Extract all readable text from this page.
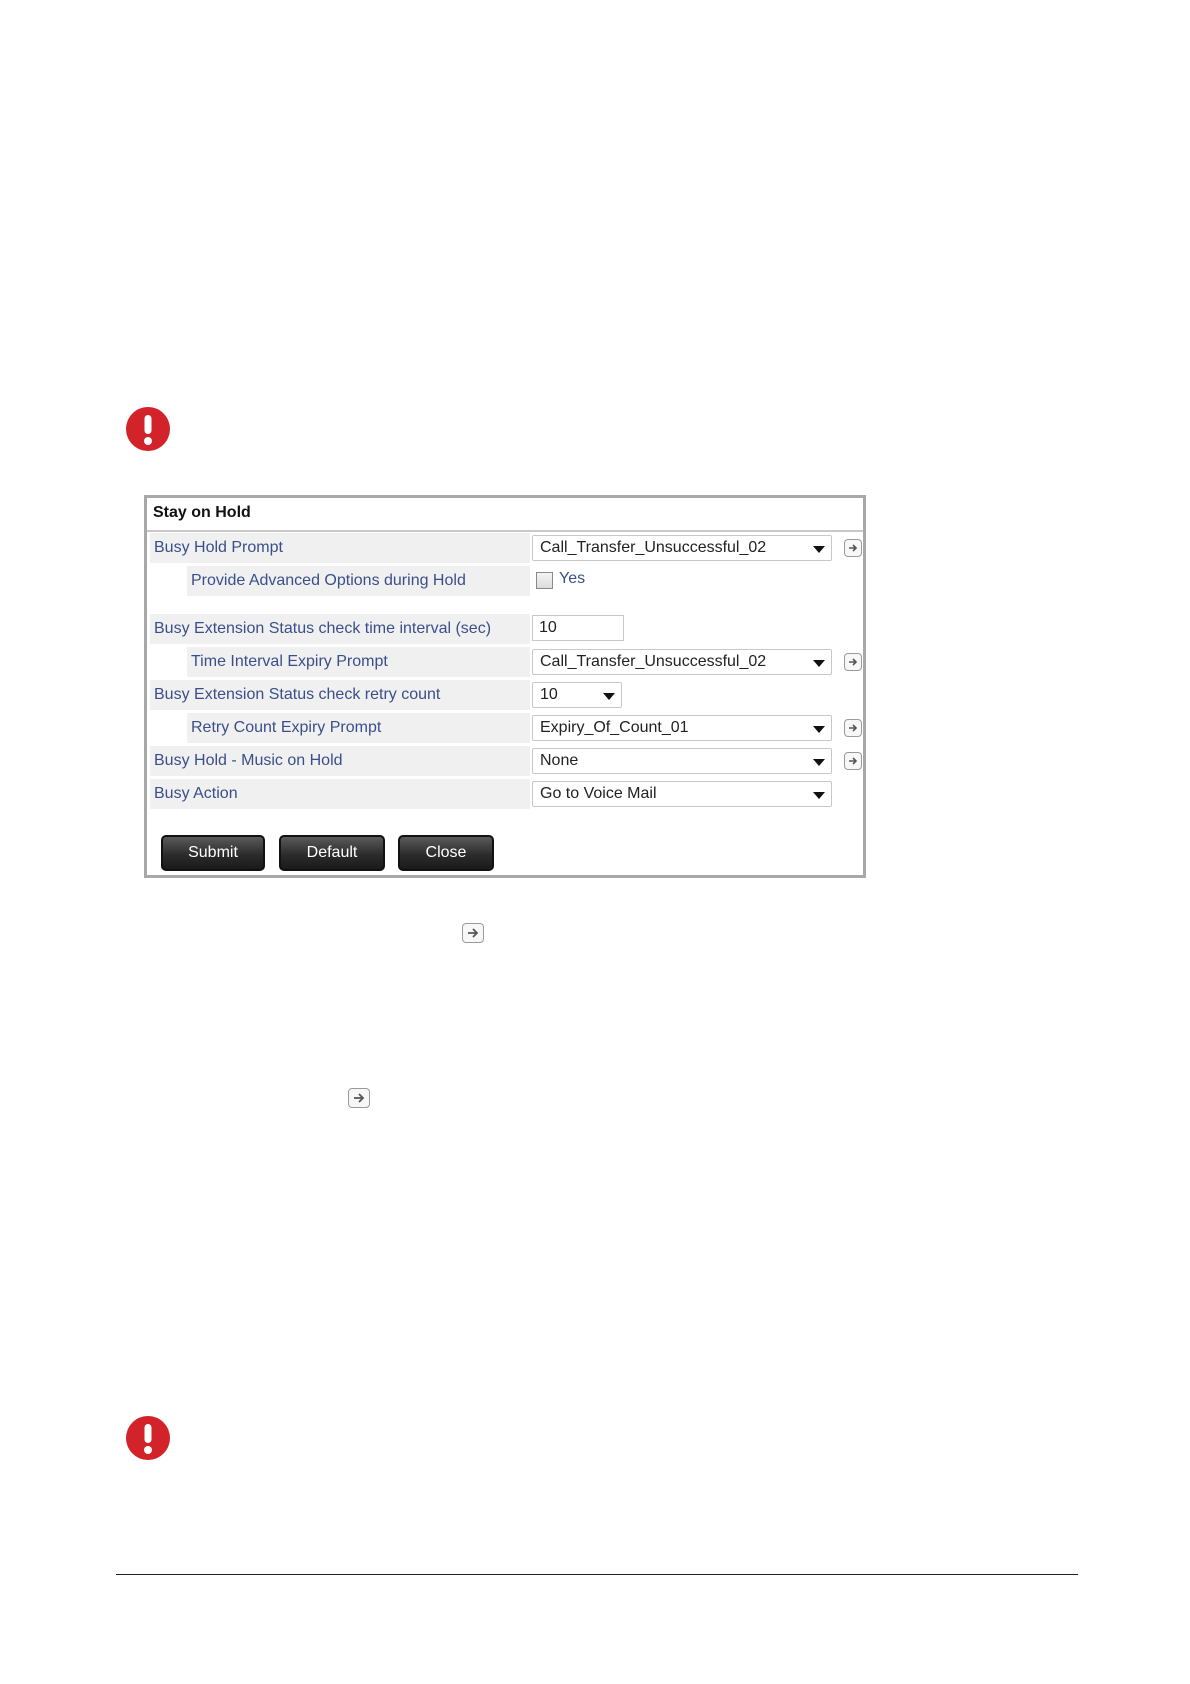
Stay on Hold
Busy Hold Prompt	Call_Transfer_Unsuccessful_02
Provide Advanced Options during Hold	Yes
Busy Extension Status check time interval (sec)	10
Time Interval Expiry Prompt	Call_Transfer_Unsuccessful_02
Busy Extension Status check retry count	10
Retry Count Expiry Prompt	Expiry_Of_Count_01
Busy Hold - Music on Hold	None
Busy Action	Go to Voice Mail
Submit	Default	Close
